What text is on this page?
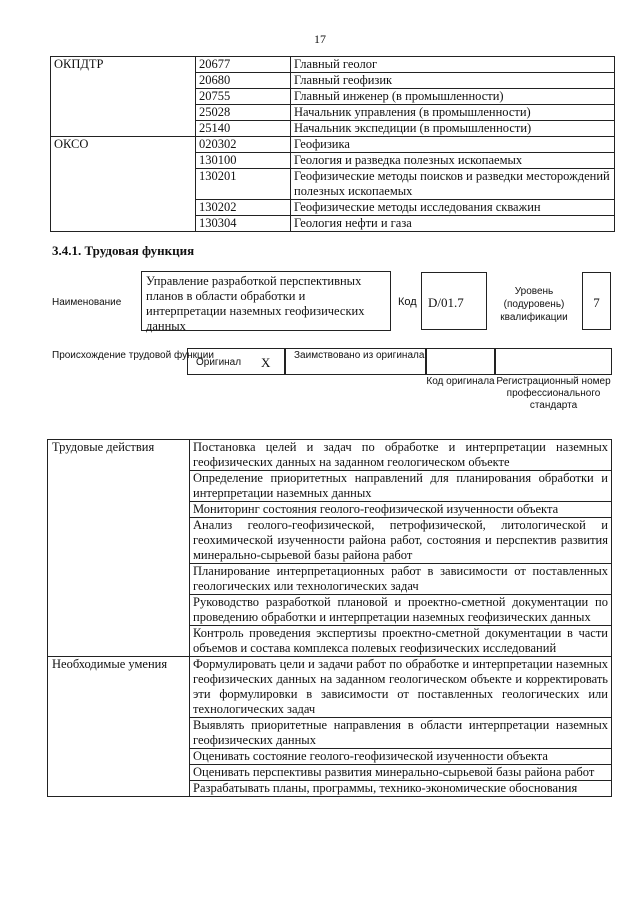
17
ОКПДТР	20677	Главный геолог
	20680	Главный геофизик
	20755	Главный инженер (в промышленности)
	25028	Начальник управления (в промышленности)
	25140	Начальник экспедиции (в промышленности)
ОКСО	020302	Геофизика
	130100	Геология и разведка полезных ископаемых
	130201	Геофизические методы поисков и разведки месторождений полезных ископаемых
	130202	Геофизические методы исследования скважин
	130304	Геология нефти и газа
3.4.1. Трудовая функция
Наименование
Управление разработкой перспективных планов в области обработки и интерпретации наземных геофизических данных
Код D/01.7
Уровень (подуровень) квалификации
7
Происхождение трудовой функции
Оригинал X Заимствовано из оригинала
Код оригинала Регистрационный номер профессионального стандарта
Трудовые действия	Постановка целей и задач по обработке и интерпретации наземных геофизических данных на заданном геологическом объекте
	Определение приоритетных направлений для планирования обработки и интерпретации наземных данных
	Мониторинг состояния геолого-геофизической изученности объекта
	Анализ геолого-геофизической, петрофизической, литологической и геохимической изученности района работ, состояния и перспектив развития минерально-сырьевой базы района работ
	Планирование интерпретационных работ в зависимости от поставленных геологических или технологических задач
	Руководство разработкой плановой и проектно-сметной документации по проведению обработки и интерпретации наземных геофизических данных
	Контроль проведения экспертизы проектно-сметной документации в части объемов и состава комплекса полевых геофизических исследований
Необходимые умения	Формулировать цели и задачи работ по обработке и интерпретации наземных геофизических данных на заданном геологическом объекте и корректировать эти формулировки в зависимости от поставленных геологических или технологических задач
	Выявлять приоритетные направления в области интерпретации наземных геофизических данных
	Оценивать состояние геолого-геофизической изученности объекта
	Оценивать перспективы развития минерально-сырьевой базы района работ
	Разрабатывать планы, программы, технико-экономические обоснования
